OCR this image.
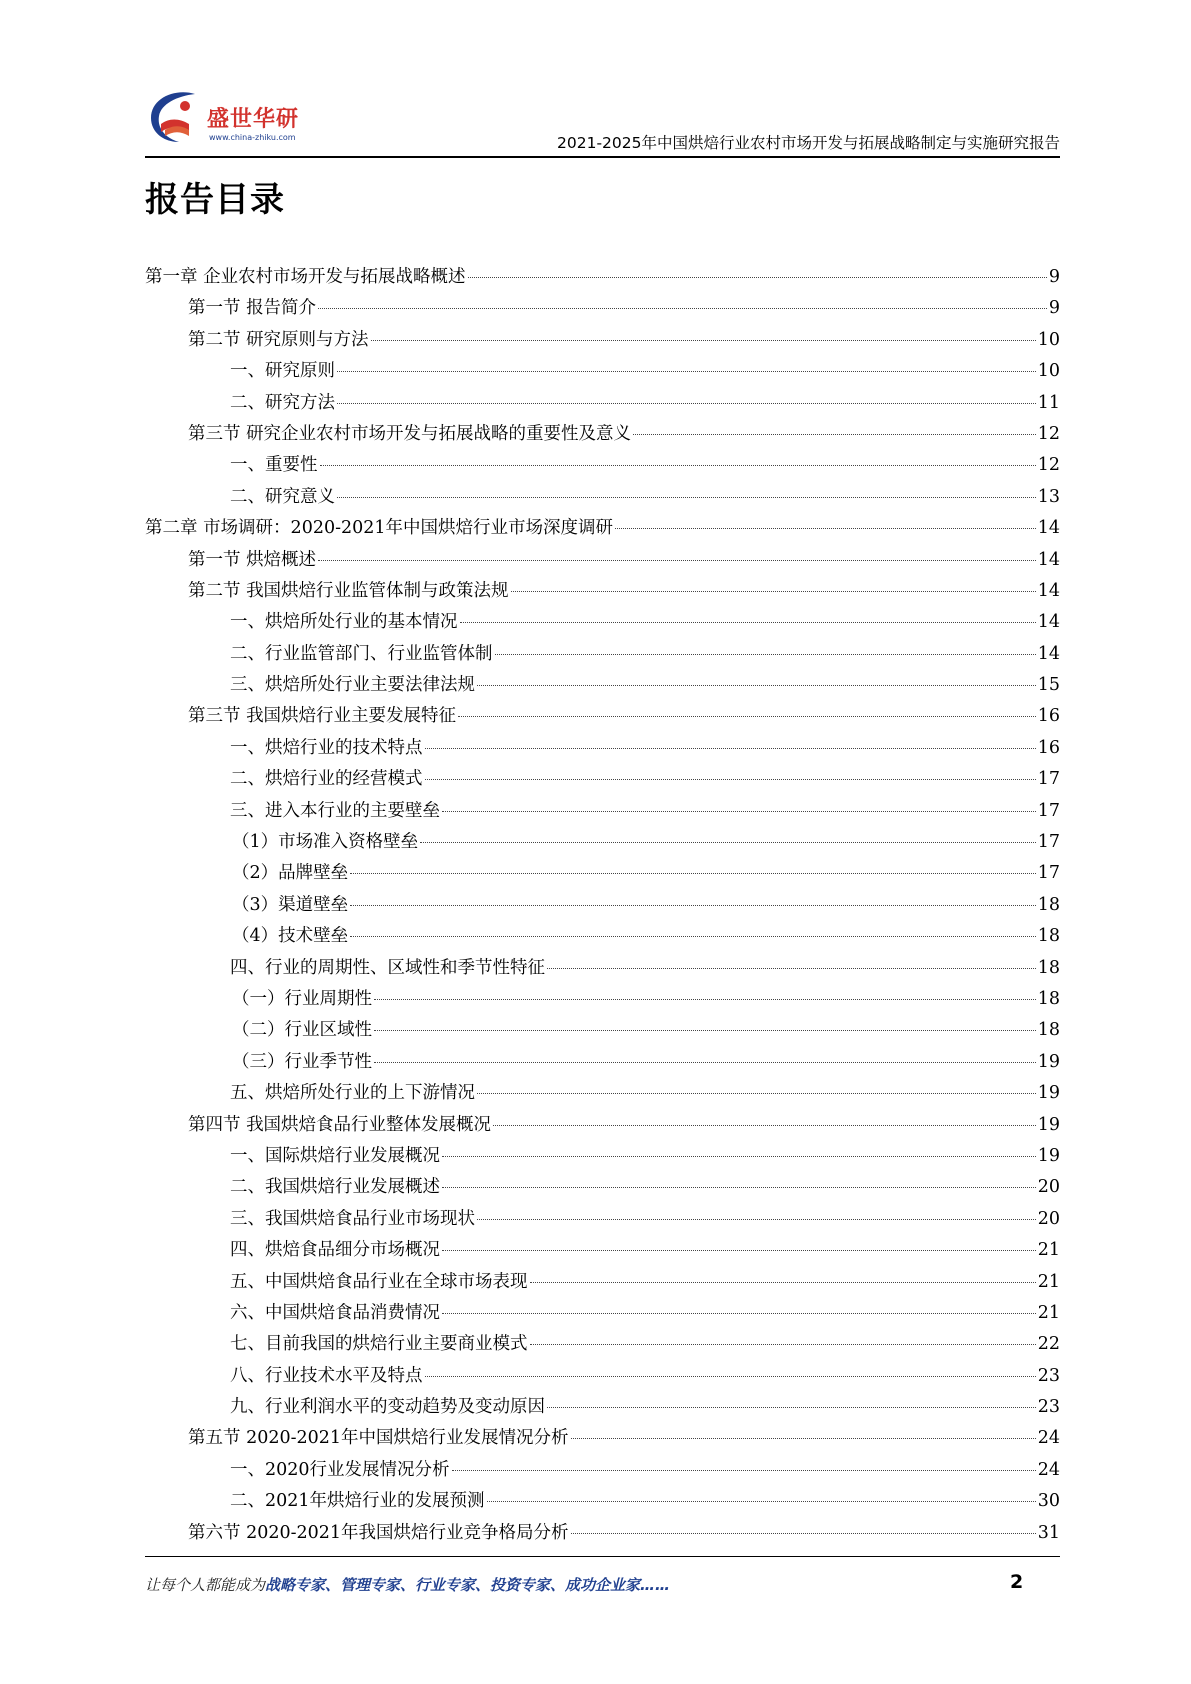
盛世华研
www.china-zhiku.com	2021-2025年中国烘焙行业农村市场开发与拓展战略制定与实施研究报告
报告目录
第一章 企业农村市场开发与拓展战略概述	9
第一节 报告简介	9
第二节 研究原则与方法	10
一、研究原则	10
二、研究方法	11
第三节 研究企业农村市场开发与拓展战略的重要性及意义	12
一、重要性	12
二、研究意义	13
第二章 市场调研：2020-2021年中国烘焙行业市场深度调研	14
第一节 烘焙概述	14
第二节 我国烘焙行业监管体制与政策法规	14
一、烘焙所处行业的基本情况	14
二、行业监管部门、行业监管体制	14
三、烘焙所处行业主要法律法规	15
第三节 我国烘焙行业主要发展特征	16
一、烘焙行业的技术特点	16
二、烘焙行业的经营模式	17
三、进入本行业的主要壁垒	17
（1）市场准入资格壁垒	17
（2）品牌壁垒	17
（3）渠道壁垒	18
（4）技术壁垒	18
四、行业的周期性、区域性和季节性特征	18
（一）行业周期性	18
（二）行业区域性	18
（三）行业季节性	19
五、烘焙所处行业的上下游情况	19
第四节 我国烘焙食品行业整体发展概况	19
一、国际烘焙行业发展概况	19
二、我国烘焙行业发展概述	20
三、我国烘焙食品行业市场现状	20
四、烘焙食品细分市场概况	21
五、中国烘焙食品行业在全球市场表现	21
六、中国烘焙食品消费情况	21
七、目前我国的烘焙行业主要商业模式	22
八、行业技术水平及特点	23
九、行业利润水平的变动趋势及变动原因	23
第五节 2020-2021年中国烘焙行业发展情况分析	24
一、2020行业发展情况分析	24
二、2021年烘焙行业的发展预测	30
第六节 2020-2021年我国烘焙行业竞争格局分析	31
让每个人都能成为战略专家、管理专家、行业专家、投资专家、成功企业家……	2
